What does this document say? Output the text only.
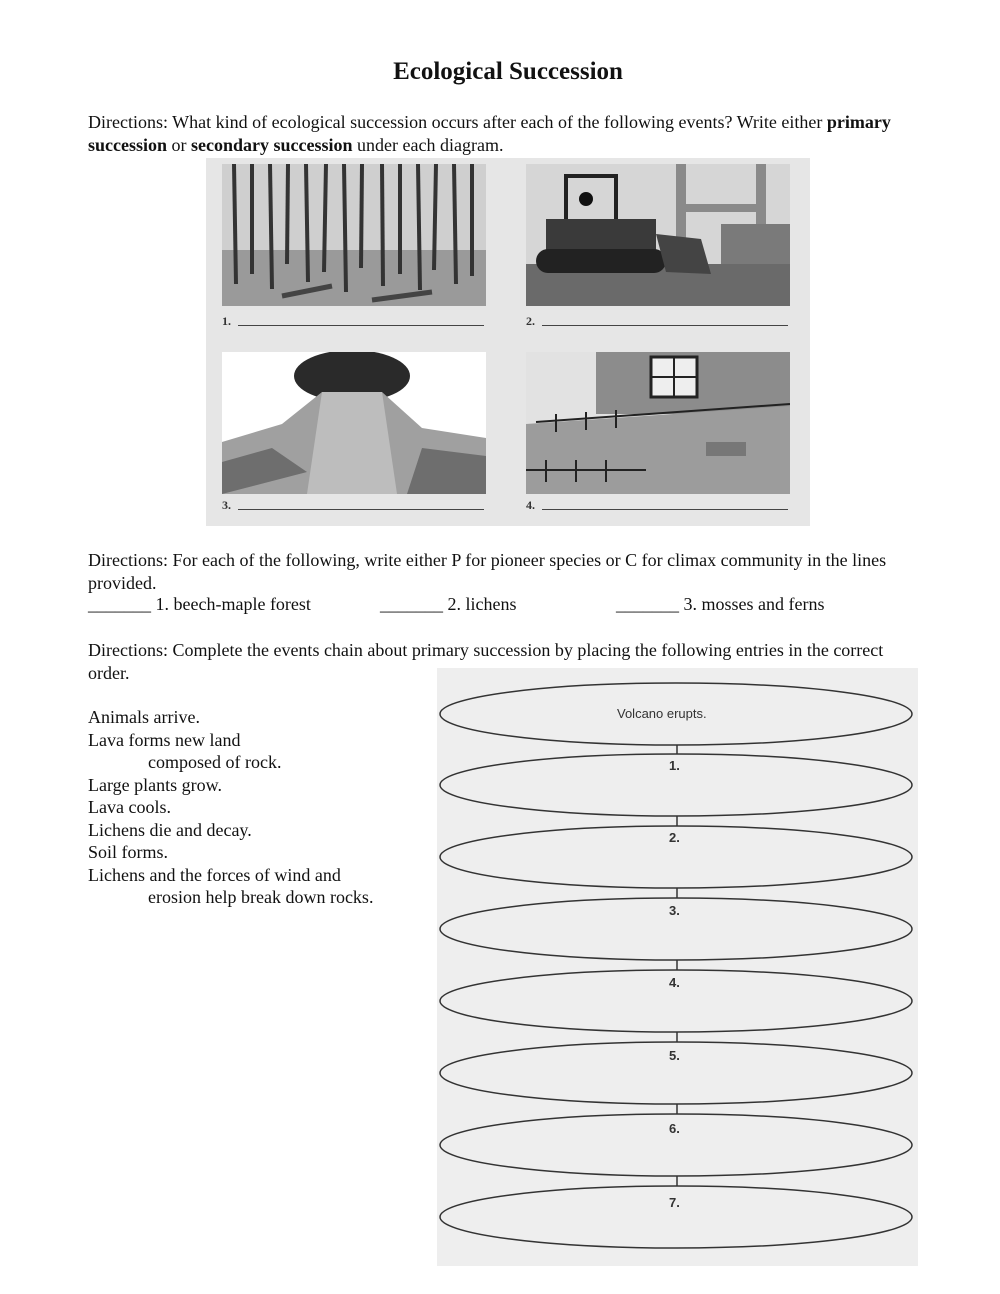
Ecological Succession
Directions: What kind of ecological succession occurs after each of the following events? Write either primary succession or secondary succession under each diagram.
1.	2.
3.	4.
Directions: For each of the following, write either P for pioneer species or C for climax community in the lines provided.
_______ 1. beech-maple forest	_______ 2. lichens	_______ 3. mosses and ferns
Directions: Complete the events chain about primary succession by placing the following entries in the correct order.
Animals arrive.
Lava forms new land
composed of rock.
Large plants grow.
Lava cools.
Lichens die and decay.
Soil forms.
Lichens and the forces of wind and
erosion help break down rocks.
Volcano erupts.
1.
2.
3.
4.
5.
6.
7.
